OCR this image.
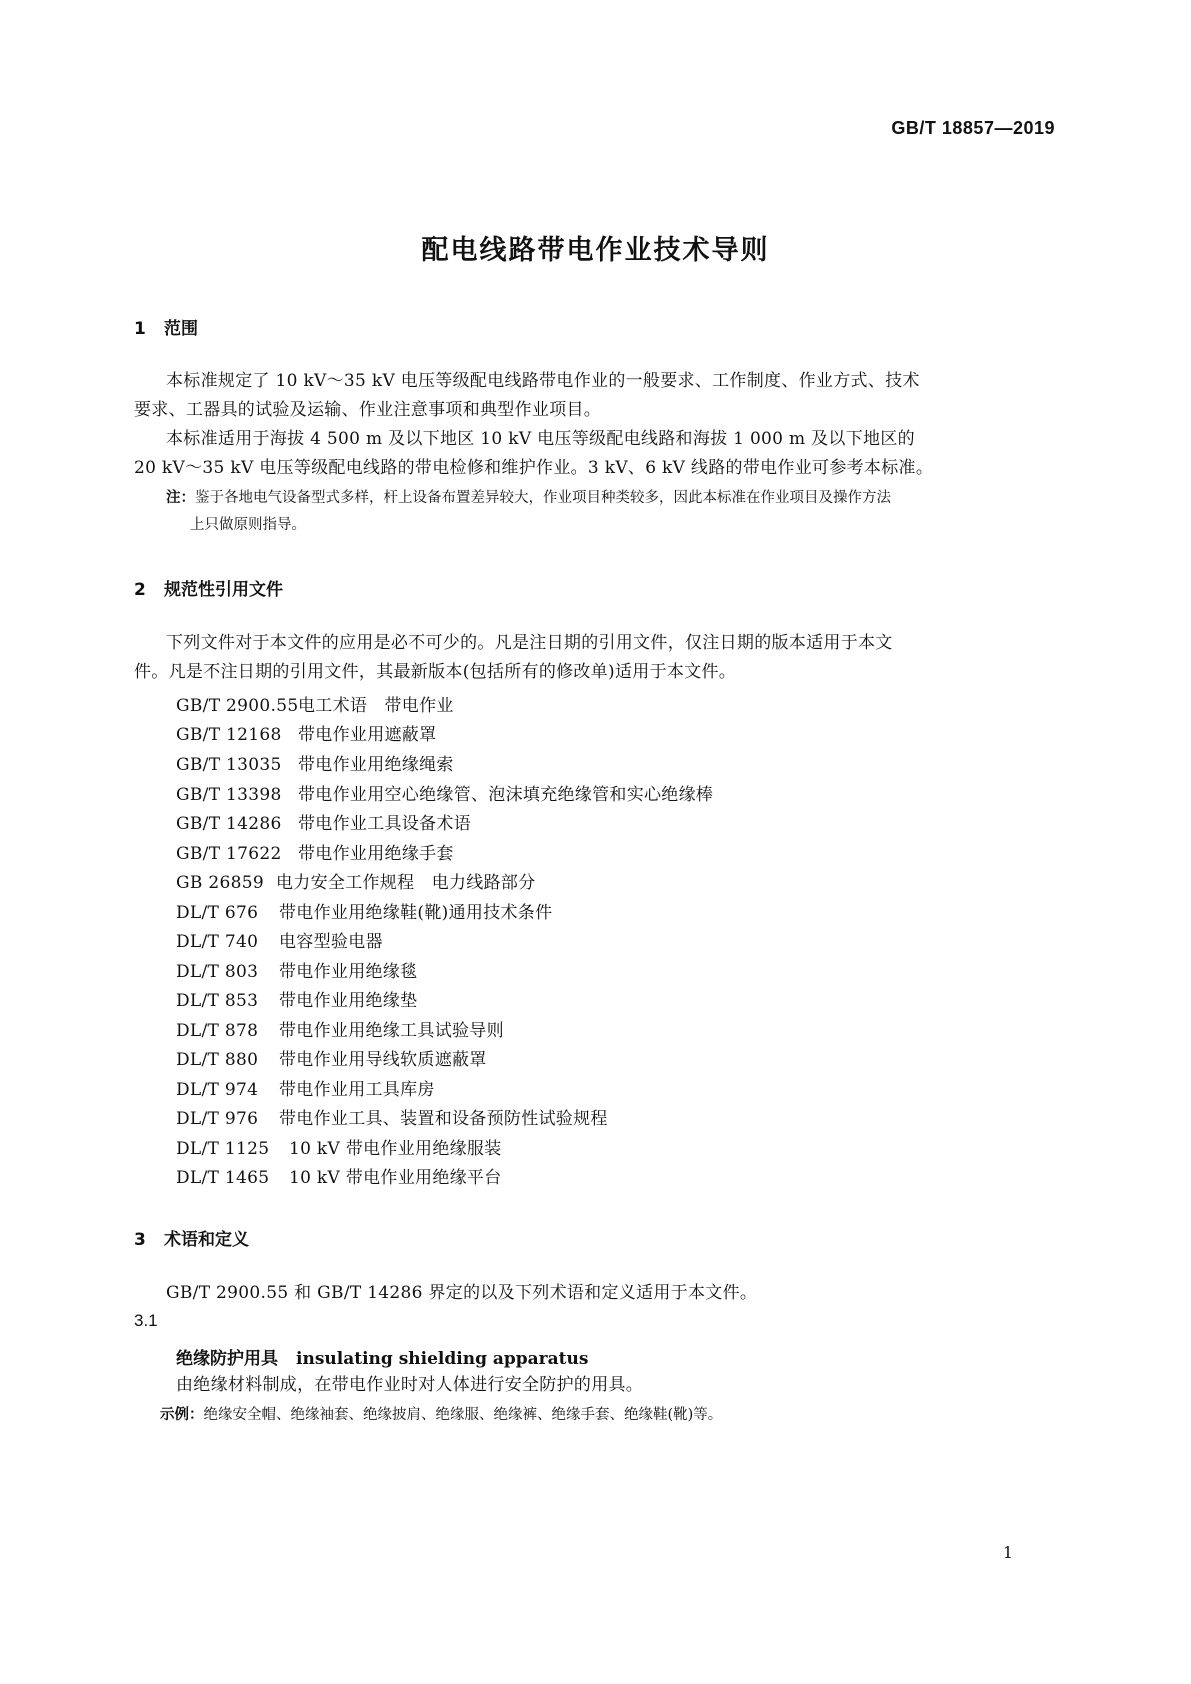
GB/T 18857—2019
配电线路带电作业技术导则
1 范围
本标准规定了 10 kV～35 kV 电压等级配电线路带电作业的一般要求、工作制度、作业方式、技术
要求、工器具的试验及运输、作业注意事项和典型作业项目。
本标准适用于海拔 4 500 m 及以下地区 10 kV 电压等级配电线路和海拔 1 000 m 及以下地区的
20 kV～35 kV 电压等级配电线路的带电检修和维护作业。3 kV、6 kV 线路的带电作业可参考本标准。
注：鉴于各地电气设备型式多样，杆上设备布置差异较大，作业项目种类较多，因此本标准在作业项目及操作方法
上只做原则指导。
2 规范性引用文件
下列文件对于本文件的应用是必不可少的。凡是注日期的引用文件，仅注日期的版本适用于本文
件。凡是不注日期的引用文件，其最新版本(包括所有的修改单)适用于本文件。
GB/T 2900.55电工术语　带电作业
GB/T 12168 带电作业用遮蔽罩
GB/T 13035 带电作业用绝缘绳索
GB/T 13398 带电作业用空心绝缘管、泡沫填充绝缘管和实心绝缘棒
GB/T 14286 带电作业工具设备术语
GB/T 17622 带电作业用绝缘手套
GB 26859 电力安全工作规程　电力线路部分
DL/T 676 带电作业用绝缘鞋(靴)通用技术条件
DL/T 740 电容型验电器
DL/T 803 带电作业用绝缘毯
DL/T 853 带电作业用绝缘垫
DL/T 878 带电作业用绝缘工具试验导则
DL/T 880 带电作业用导线软质遮蔽罩
DL/T 974 带电作业用工具库房
DL/T 976 带电作业工具、装置和设备预防性试验规程
DL/T 1125 10 kV 带电作业用绝缘服装
DL/T 1465 10 kV 带电作业用绝缘平台
3 术语和定义
GB/T 2900.55 和 GB/T 14286 界定的以及下列术语和定义适用于本文件。
3.1
绝缘防护用具 insulating shielding apparatus
由绝缘材料制成，在带电作业时对人体进行安全防护的用具。
示例：绝缘安全帽、绝缘袖套、绝缘披肩、绝缘服、绝缘裤、绝缘手套、绝缘鞋(靴)等。
1
